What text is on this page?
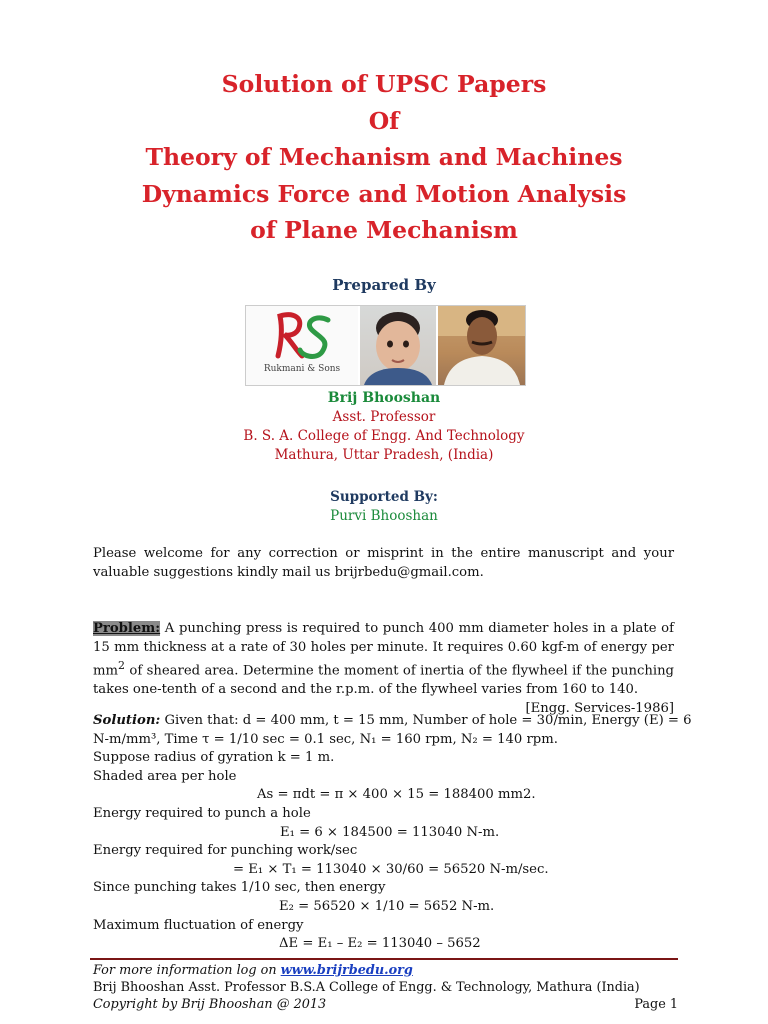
Solution of UPSC Papers
Of
Theory of Mechanism and Machines
Dynamics Force and Motion Analysis
of Plane Mechanism
Prepared By
Rukmani & Sons
Brij Bhooshan
Asst. Professor
B. S. A. College of Engg. And Technology
Mathura, Uttar Pradesh, (India)
Supported By:
Purvi Bhooshan
Please welcome for any correction or misprint in the entire manuscript and your valuable suggestions kindly mail us brijrbedu@gmail.com.
Problem: A punching press is required to punch 400 mm diameter holes in a plate of 15 mm thickness at a rate of 30 holes per minute. It requires 0.60 kgf-m of energy per $mm^2$ of sheared area. Determine the moment of inertia of the flywheel if the punching takes one-tenth of a second and the r.p.m. of the flywheel varies from 160 to 140.
[Engg. Services-1986]
Solution: Given that: d = 400 mm, t = 15 mm, Number of hole = 30/min, Energy (E) = 6
N-m/mm³, Time τ = 1/10 sec = 0.1 sec, N₁ = 160 rpm, N₂ = 140 rpm.
Suppose radius of gyration k = 1 m.
Shaded area per hole
As = πdt = π × 400 × 15 = 188400 mm2.
Energy required to punch a hole
E₁ = 6 × 184500 = 113040 N-m.
Energy required for punching work/sec
= E₁ × T₁ = 113040 × 30/60 = 56520 N-m/sec.
Since punching takes 1/10 sec, then energy
E₂ = 56520 × 1/10 = 5652 N-m.
Maximum fluctuation of energy
ΔE = E₁ – E₂ = 113040 – 5652
For more information log on www.brijrbedu.org
Brij Bhooshan Asst. Professor B.S.A College of Engg. & Technology, Mathura (India)
Copyright by Brij Bhooshan @ 2013	Page 1
